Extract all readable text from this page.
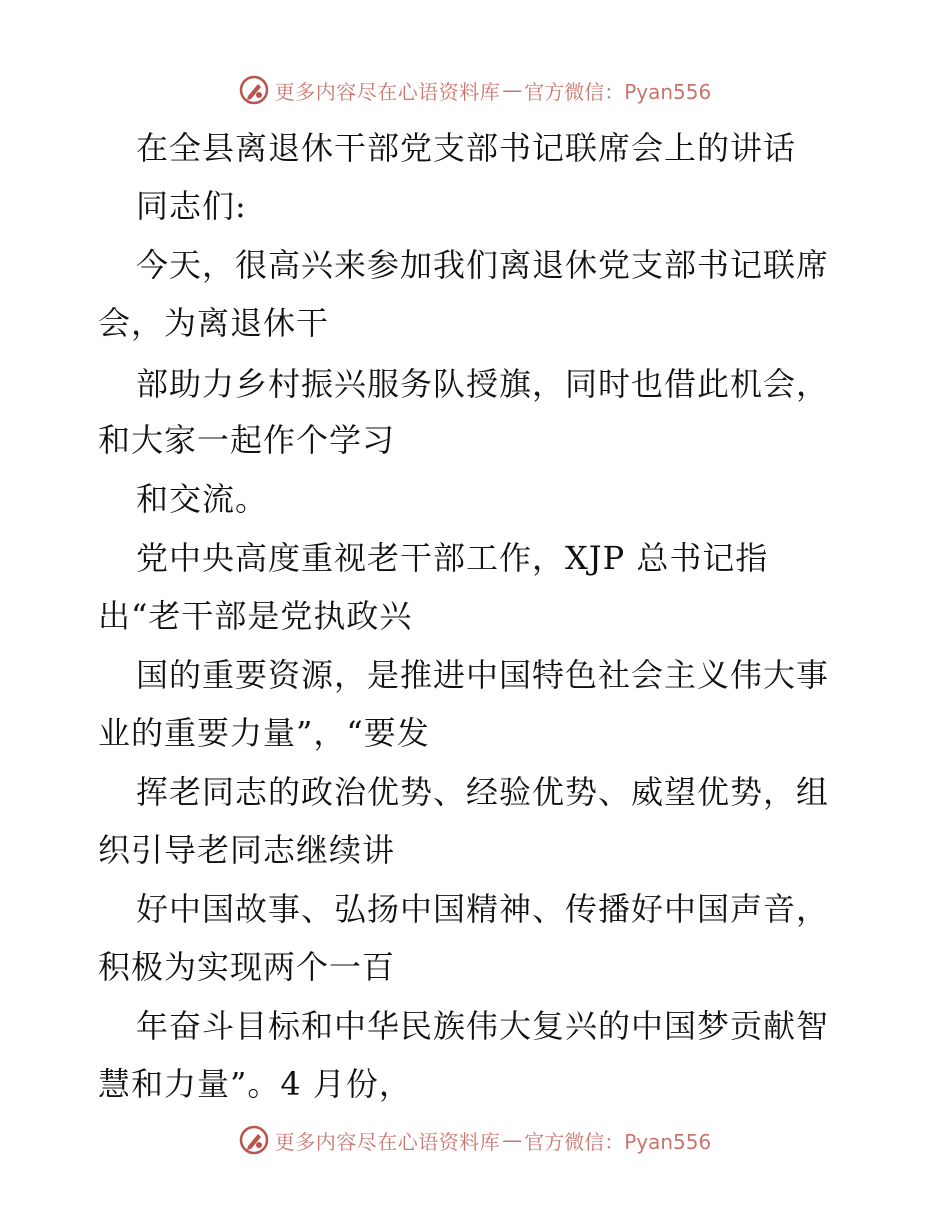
更多内容尽在心语资料库 — 官方微信：Pyan556
在全县离退休干部党支部书记联席会上的讲话
同志们:
今天，很高兴来参加我们离退休党支部书记联席
会，为离退休干
部助力乡村振兴服务队授旗，同时也借此机会，
和大家一起作个学习
和交流。
党中央高度重视老干部工作，XJP 总书记指
出“老干部是党执政兴
国的重要资源，是推进中国特色社会主义伟大事
业的重要力量”，“要发
挥老同志的政治优势、经验优势、威望优势，组
织引导老同志继续讲
好中国故事、弘扬中国精神、传播好中国声音，
积极为实现两个一百
年奋斗目标和中华民族伟大复兴的中国梦贡献智
慧和力量”。4 月份，
更多内容尽在心语资料库 — 官方微信：Pyan556
